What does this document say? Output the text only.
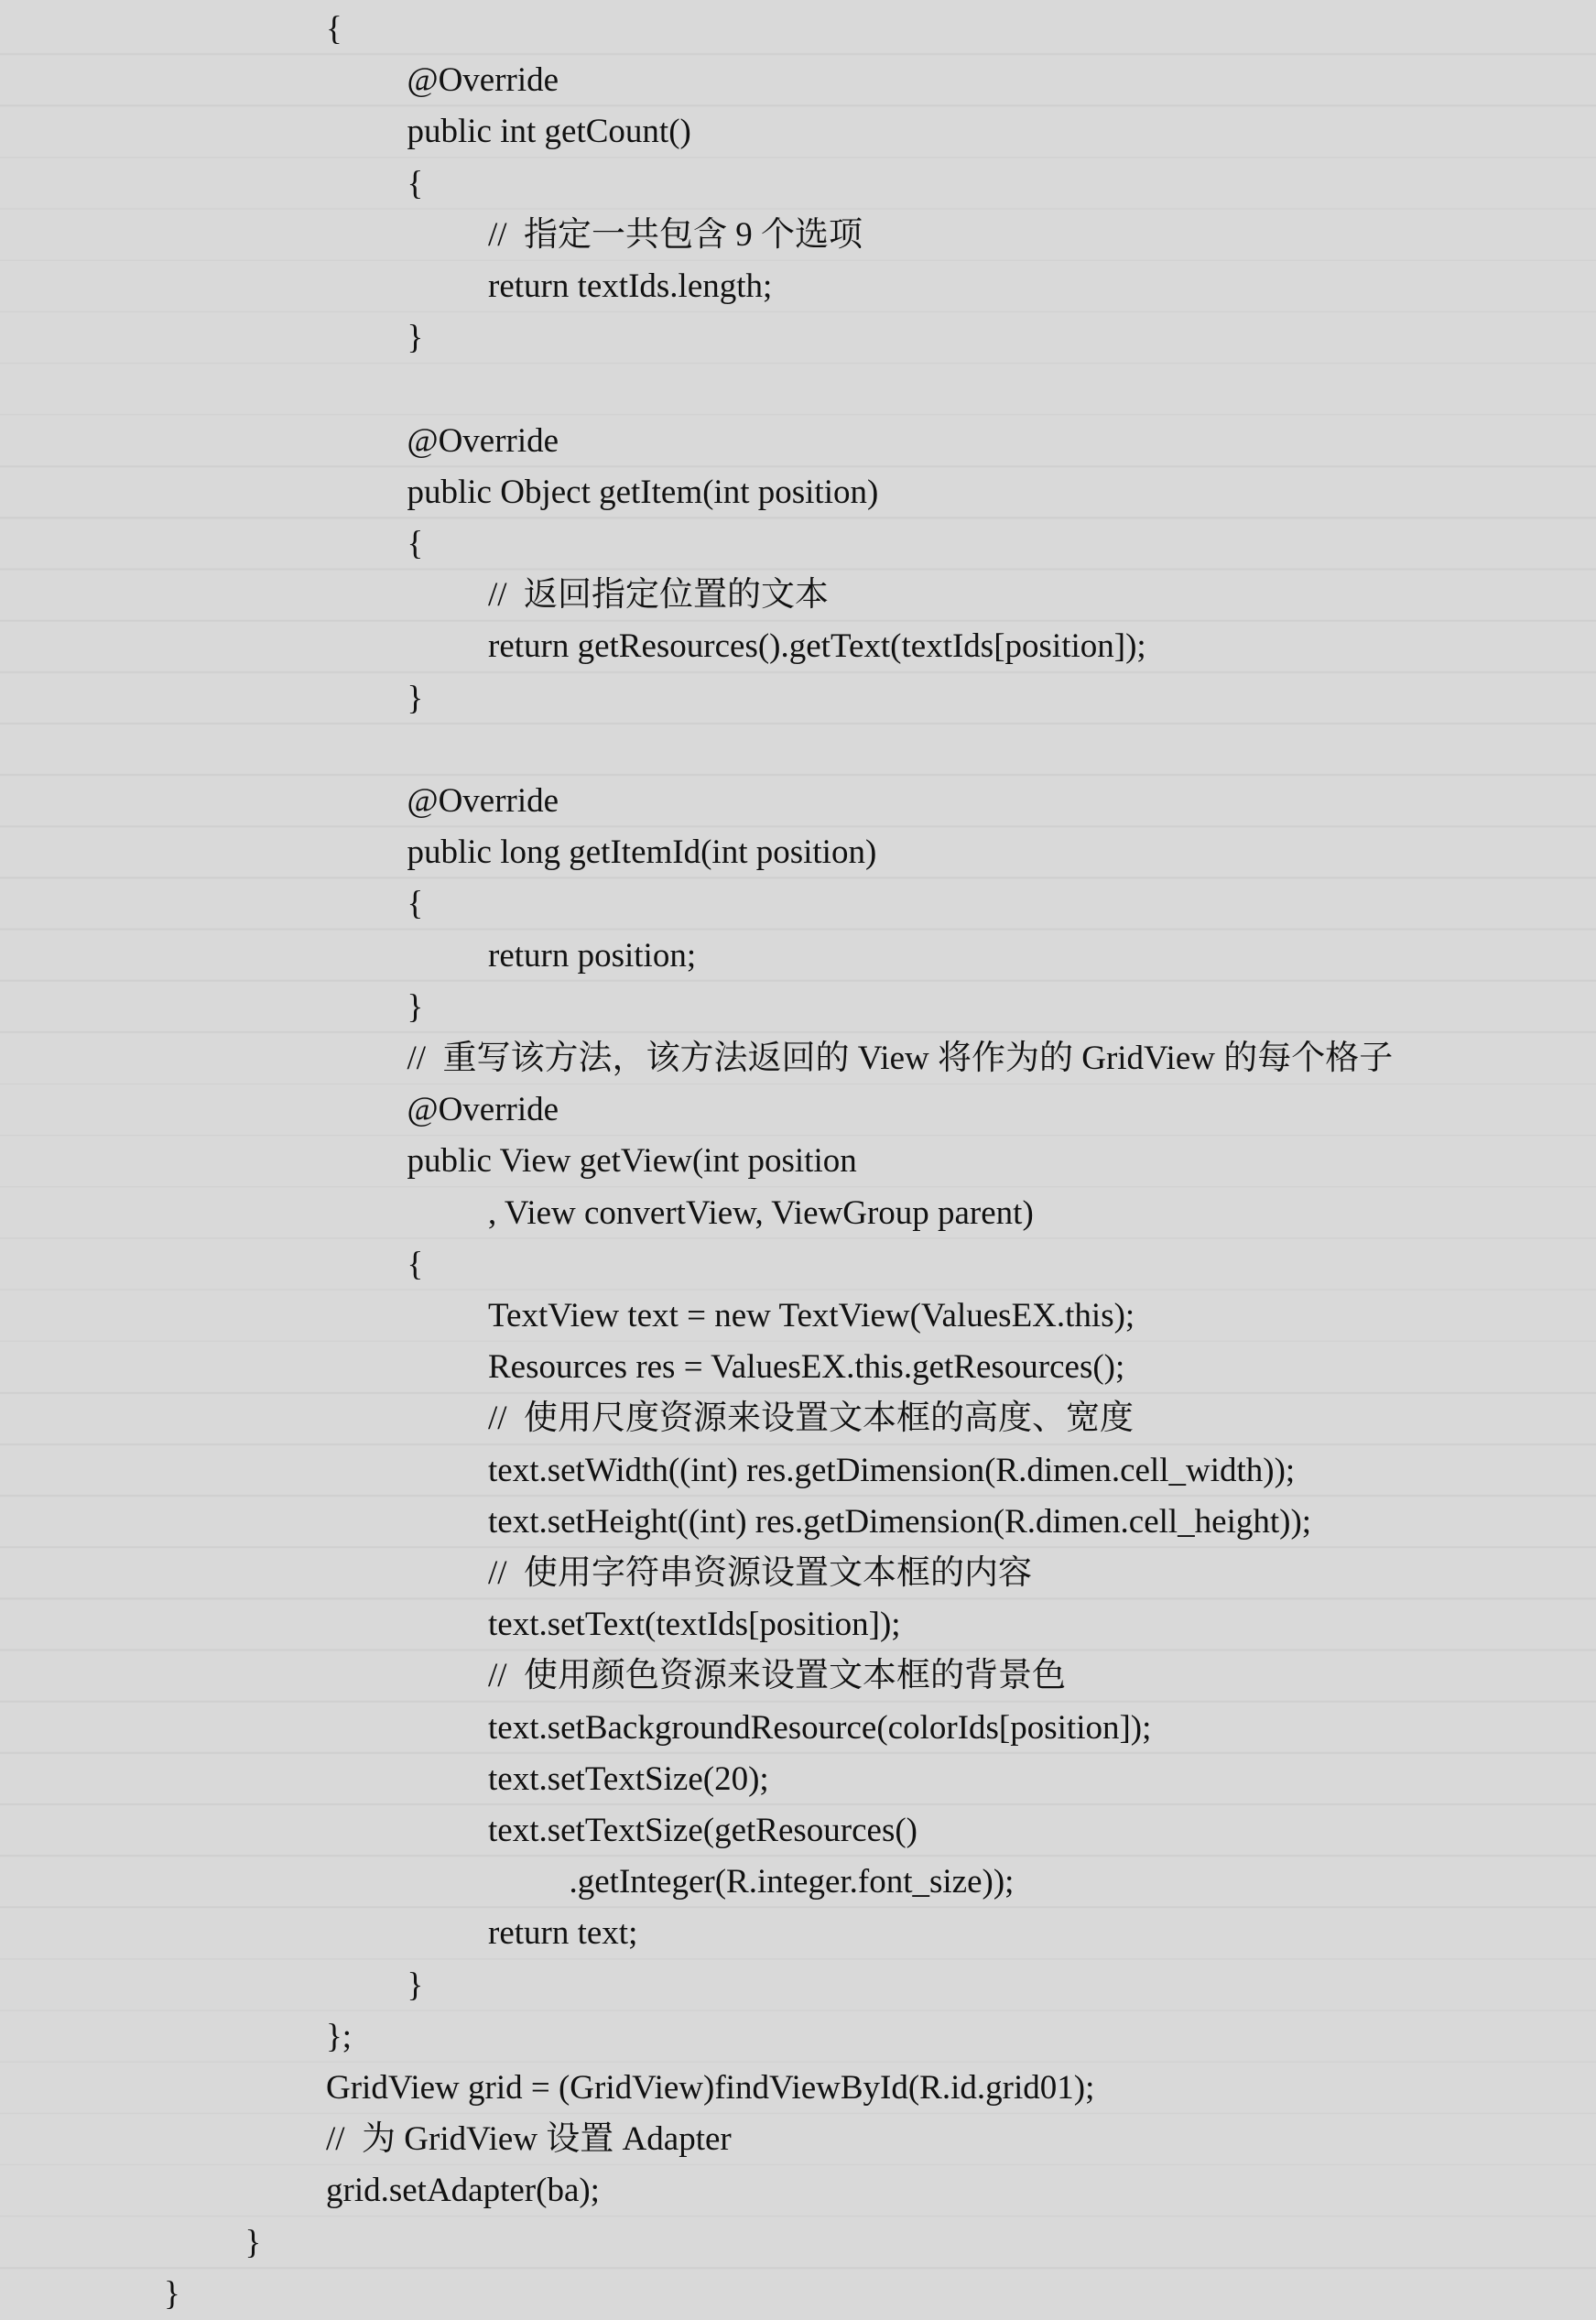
{
@Override
public int getCount()
{
//  指定一共包含 9 个选项
return textIds.length;
}
@Override
public Object getItem(int position)
{
//  返回指定位置的文本
return getResources().getText(textIds[position]);
}
@Override
public long getItemId(int position)
{
return position;
}
//  重写该方法，该方法返回的 View 将作为的 GridView 的每个格子
@Override
public View getView(int position
, View convertView, ViewGroup parent)
{
TextView text = new TextView(ValuesEX.this);
Resources res = ValuesEX.this.getResources();
//  使用尺度资源来设置文本框的高度、宽度
text.setWidth((int) res.getDimension(R.dimen.cell_width));
text.setHeight((int) res.getDimension(R.dimen.cell_height));
//  使用字符串资源设置文本框的内容
text.setText(textIds[position]);
//  使用颜色资源来设置文本框的背景色
text.setBackgroundResource(colorIds[position]);
text.setTextSize(20);
text.setTextSize(getResources()
.getInteger(R.integer.font_size));
return text;
}
};
GridView grid = (GridView)findViewById(R.id.grid01);
//  为 GridView 设置 Adapter
grid.setAdapter(ba);
}
}
